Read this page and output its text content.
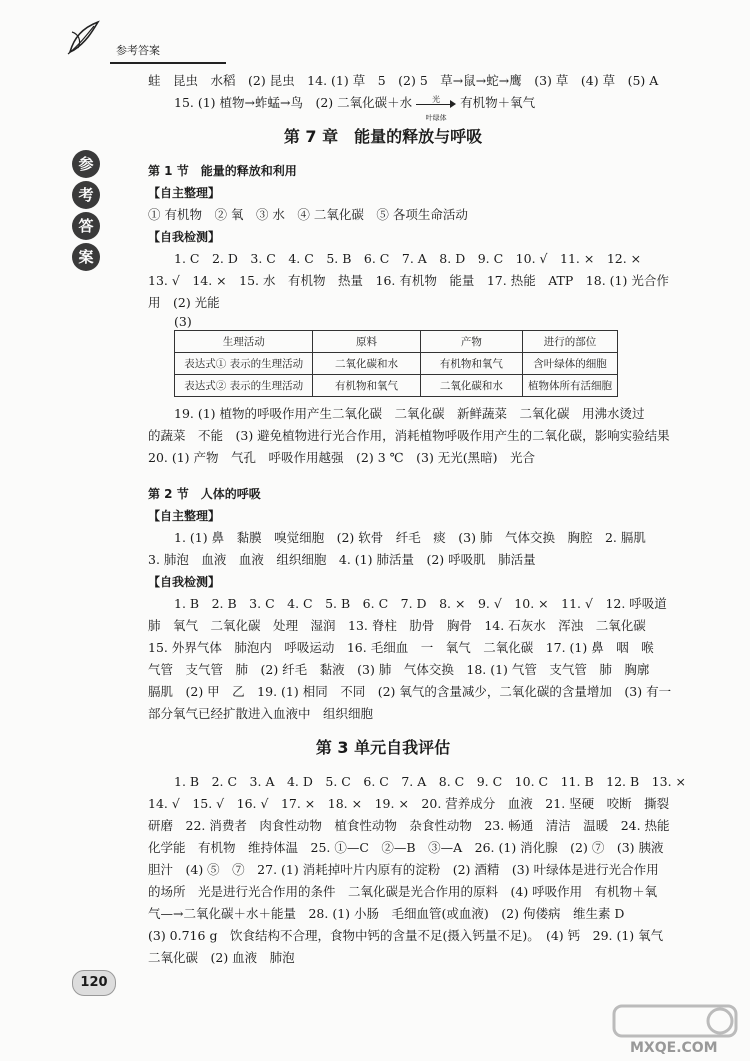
参考答案
参
考
答
案
蛙　昆虫　水稻　(2) 昆虫　14. (1) 草　5　(2) 5　草→鼠→蛇→鹰　(3) 草　(4) 草　(5) A
15. (1) 植物→蚱蜢→鸟　(2) 二氧化碳＋水	光
叶绿体
有机物＋氧气
第 7 章　能量的释放与呼吸
第 1 节　能量的释放和利用
【自主整理】
① 有机物　② 氧　③ 水　④ 二氧化碳　⑤ 各项生命活动
【自我检测】
1. C　2. D　3. C　4. C　5. B　6. C　7. A　8. D　9. C　10. √　11. ×　12. ×
13. √　14. ×　15. 水　有机物　热量　16. 有机物　能量　17. 热能　ATP　18. (1) 光合作
用　(2) 光能
(3)
生理活动	原料	产物	进行的部位
表达式① 表示的生理活动	二氧化碳和水	有机物和氧气	含叶绿体的细胞
表达式② 表示的生理活动	有机物和氧气	二氧化碳和水	植物体所有活细胞
19. (1) 植物的呼吸作用产生二氧化碳　二氧化碳　新鲜蔬菜　二氧化碳　用沸水烫过
的蔬菜　不能　(3) 避免植物进行光合作用，消耗植物呼吸作用产生的二氧化碳，影响实验结果
20. (1) 产物　气孔　呼吸作用越强　(2) 3 ℃　(3) 无光(黑暗)　光合
第 2 节　人体的呼吸
【自主整理】
1. (1) 鼻　黏膜　嗅觉细胞　(2) 软骨　纤毛　痰　(3) 肺　气体交换　胸腔　2. 膈肌
3. 肺泡　血液　血液　组织细胞　4. (1) 肺活量　(2) 呼吸肌　肺活量
【自我检测】
1. B　2. B　3. C　4. C　5. B　6. C　7. D　8. ×　9. √　10. ×　11. √　12. 呼吸道
肺　氧气　二氧化碳　处理　湿润　13. 脊柱　肋骨　胸骨　14. 石灰水　浑浊　二氧化碳
15. 外界气体　肺泡内　呼吸运动　16. 毛细血　一　氧气　二氧化碳　17. (1) 鼻　咽　喉
气管　支气管　肺　(2) 纤毛　黏液　(3) 肺　气体交换　18. (1) 气管　支气管　肺　胸廓
膈肌　(2) 甲　乙　19. (1) 相同　不同　(2) 氧气的含量减少，二氧化碳的含量增加　(3) 有一
部分氧气已经扩散进入血液中　组织细胞
第 3 单元自我评估
1. B　2. C　3. A　4. D　5. C　6. C　7. A　8. C　9. C　10. C　11. B　12. B　13. ×
14. √　15. √　16. √　17. ×　18. ×　19. ×　20. 营养成分　血液　21. 坚硬　咬断　撕裂
研磨　22. 消费者　肉食性动物　植食性动物　杂食性动物　23. 畅通　清洁　温暖　24. 热能
化学能　有机物　维持体温　25. ①—C　②—B　③—A　26. (1) 消化腺　(2) ⑦　(3) 胰液
胆汁　(4) ⑤　⑦　27. (1) 消耗掉叶片内原有的淀粉　(2) 酒精　(3) 叶绿体是进行光合作用
的场所　光是进行光合作用的条件　二氧化碳是光合作用的原料　(4) 呼吸作用　有机物＋氧
气—→二氧化碳＋水＋能量　28. (1) 小肠　毛细血管(或血液)　(2) 佝偻病　维生素 D
(3) 0.716 g　饮食结构不合理，食物中钙的含量不足(摄入钙量不足)。　(4) 钙　29. (1) 氧气
二氧化碳　(2) 血液　肺泡
120
MXQE.COM
